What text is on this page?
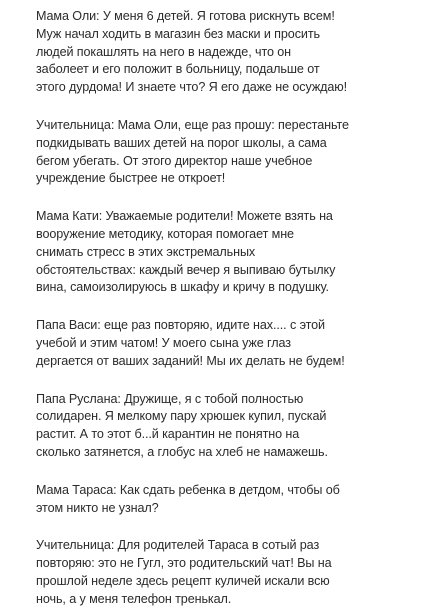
Мама Оли: У меня 6 детей. Я готова рискнуть всем!
Муж начал ходить в магазин без маски и просить
людей покашлять на него в надежде, что он
заболеет и его положит в больницу, подальше от
этого дурдома! И знаете что? Я его даже не осуждаю!
Учительница: Мама Оли, еще раз прошу: перестаньте
подкидывать ваших детей на порог школы, а сама
бегом убегать. От этого директор наше учебное
учреждение быстрее не откроет!
Мама Кати: Уважаемые родители! Можете взять на
вооружение методику, которая помогает мне
снимать стресс в этих экстремальных
обстоятельствах: каждый вечер я выпиваю бутылку
вина, самоизолируюсь в шкафу и кричу в подушку.
Папа Васи: еще раз повторяю, идите нах.... с этой
учебой и этим чатом! У моего сына уже глаз
дергается от ваших заданий! Мы их делать не будем!
Папа Руслана: Дружище, я с тобой полностью
солидарен. Я мелкому пару хрюшек купил, пускай
растит. А то этот б...й карантин не понятно на
сколько затянется, а глобус на хлеб не намажешь.
Мама Тараса: Как сдать ребенка в детдом, чтобы об
этом никто не узнал?
Учительница: Для родителей Тараса в сотый раз
повторяю: это не Гугл, это родительский чат! Вы на
прошлой неделе здесь рецепт куличей искали всю
ночь, а у меня телефон тренькал.
